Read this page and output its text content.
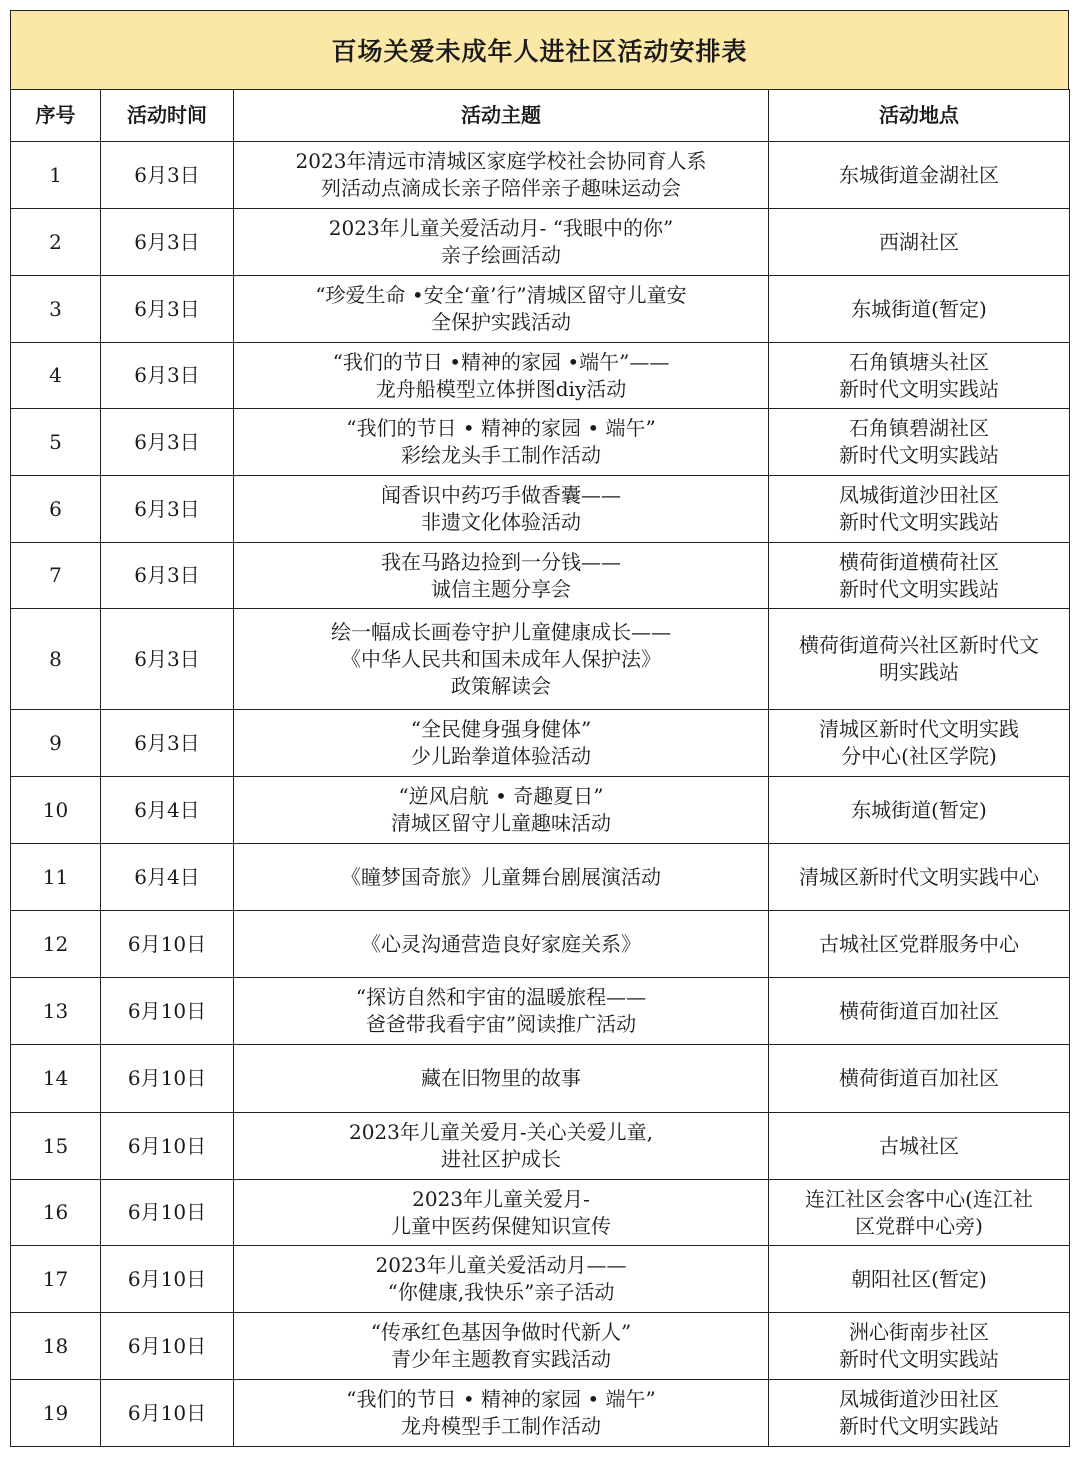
百场关爱未成年人进社区活动安排表
序号	活动时间	活动主题	活动地点
1	6月3日	2023年清远市清城区家庭学校社会协同育人系
列活动点滴成长亲子陪伴亲子趣味运动会	东城街道金湖社区

2	6月3日	2023年儿童关爱活动月- “我眼中的你”
亲子绘画活动	西湖社区

3	6月3日	“珍爱生命 •安全‘童’行”清城区留守儿童安
全保护实践活动	东城街道(暂定)

4	6月3日	“我们的节日 •精神的家园 •端午”——
龙舟船模型立体拼图diy活动	石角镇塘头社区
新时代文明实践站

5	6月3日	“我们的节日 • 精神的家园 • 端午”
彩绘龙头手工制作活动	石角镇碧湖社区
新时代文明实践站

6	6月3日	闻香识中药巧手做香囊——
非遗文化体验活动	凤城街道沙田社区
新时代文明实践站

7	6月3日	我在马路边捡到一分钱——
诚信主题分享会	横荷街道横荷社区
新时代文明实践站

8	6月3日	绘一幅成长画卷守护儿童健康成长——
《中华人民共和国未成年人保护法》
政策解读会	横荷街道荷兴社区新时代文
明实践站

9	6月3日	“全民健身强身健体”
少儿跆拳道体验活动	清城区新时代文明实践
分中心(社区学院)

10	6月4日	“逆风启航 • 奇趣夏日”
清城区留守儿童趣味活动	东城街道(暂定)

11	6月4日	《瞳梦国奇旅》儿童舞台剧展演活动	清城区新时代文明实践中心

12	6月10日	《心灵沟通营造良好家庭关系》	古城社区党群服务中心

13	6月10日	“探访自然和宇宙的温暖旅程——
爸爸带我看宇宙”阅读推广活动	横荷街道百加社区

14	6月10日	藏在旧物里的故事	横荷街道百加社区

15	6月10日	2023年儿童关爱月-关心关爱儿童,
进社区护成长	古城社区

16	6月10日	2023年儿童关爱月-
儿童中医药保健知识宣传	连江社区会客中心(连江社
区党群中心旁)

17	6月10日	2023年儿童关爱活动月——
“你健康,我快乐”亲子活动	朝阳社区(暂定)

18	6月10日	“传承红色基因争做时代新人”
青少年主题教育实践活动	洲心街南步社区
新时代文明实践站

19	6月10日	“我们的节日 • 精神的家园 • 端午”
龙舟模型手工制作活动	凤城街道沙田社区
新时代文明实践站
